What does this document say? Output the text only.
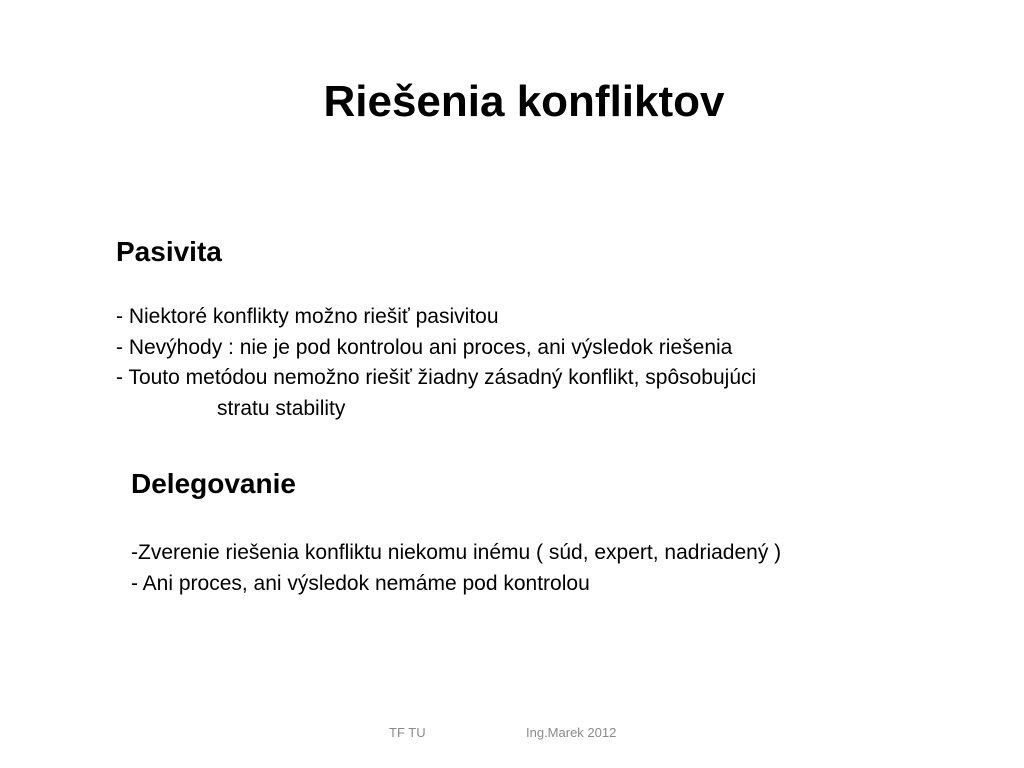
Riešenia konfliktov
Pasivita
- Niektoré konflikty možno riešiť pasivitou
- Nevýhody : nie je pod kontrolou ani proces, ani výsledok riešenia
- Touto metódou nemožno riešiť žiadny zásadný konflikt, spôsobujúci
stratu stability
Delegovanie
-Zverenie riešenia konfliktu niekomu inému ( súd, expert, nadriadený )
- Ani proces, ani výsledok nemáme pod kontrolou
TF TU	Ing.Marek 2012
